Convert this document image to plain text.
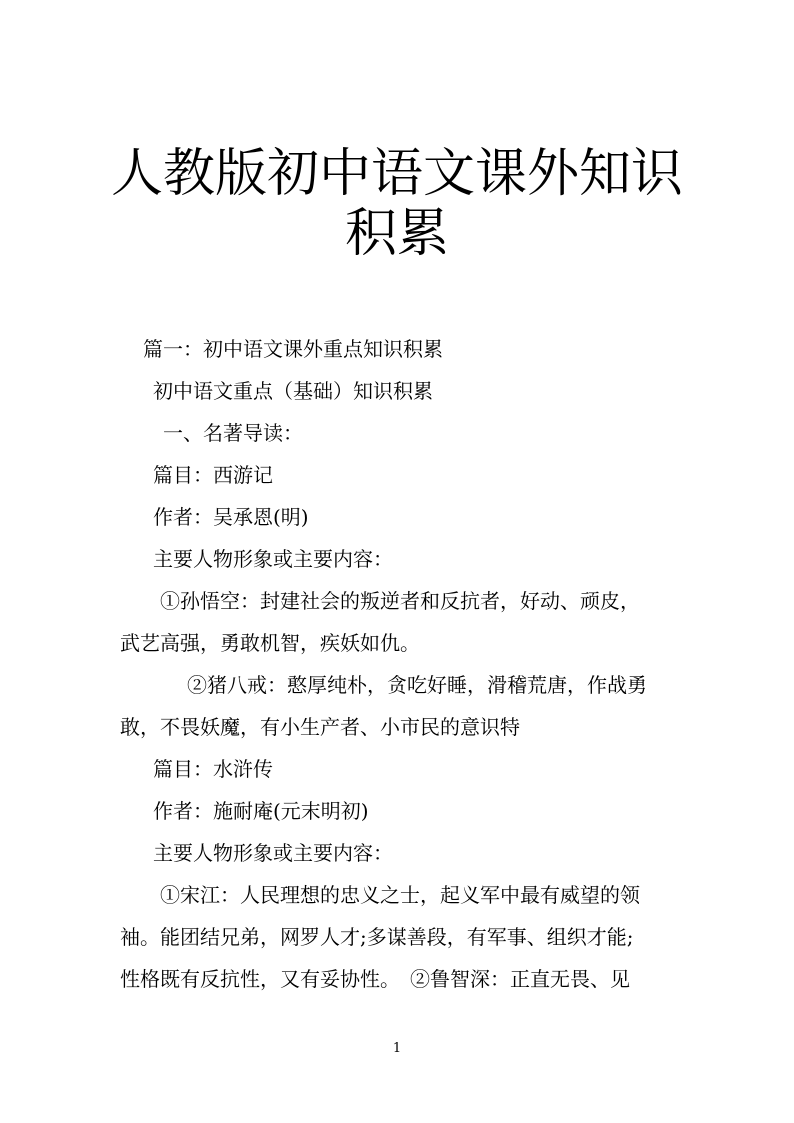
人教版初中语文课外知识
积累
篇一：初中语文课外重点知识积累
初中语文重点（基础）知识积累
一、名著导读：
篇目：西游记
作者：吴承恩(明)
主要人物形象或主要内容：
①孙悟空：封建社会的叛逆者和反抗者，好动、顽皮，
武艺高强，勇敢机智，疾妖如仇。
②猪八戒：憨厚纯朴，贪吃好睡，滑稽荒唐，作战勇
敢，不畏妖魔，有小生产者、小市民的意识特
篇目：水浒传
作者：施耐庵(元末明初)
主要人物形象或主要内容：
①宋江：人民理想的忠义之士，起义军中最有威望的领
袖。能团结兄弟，网罗人才;多谋善段，有军事、组织才能;
性格既有反抗性，又有妥协性。　②鲁智深：正直无畏、见
1
